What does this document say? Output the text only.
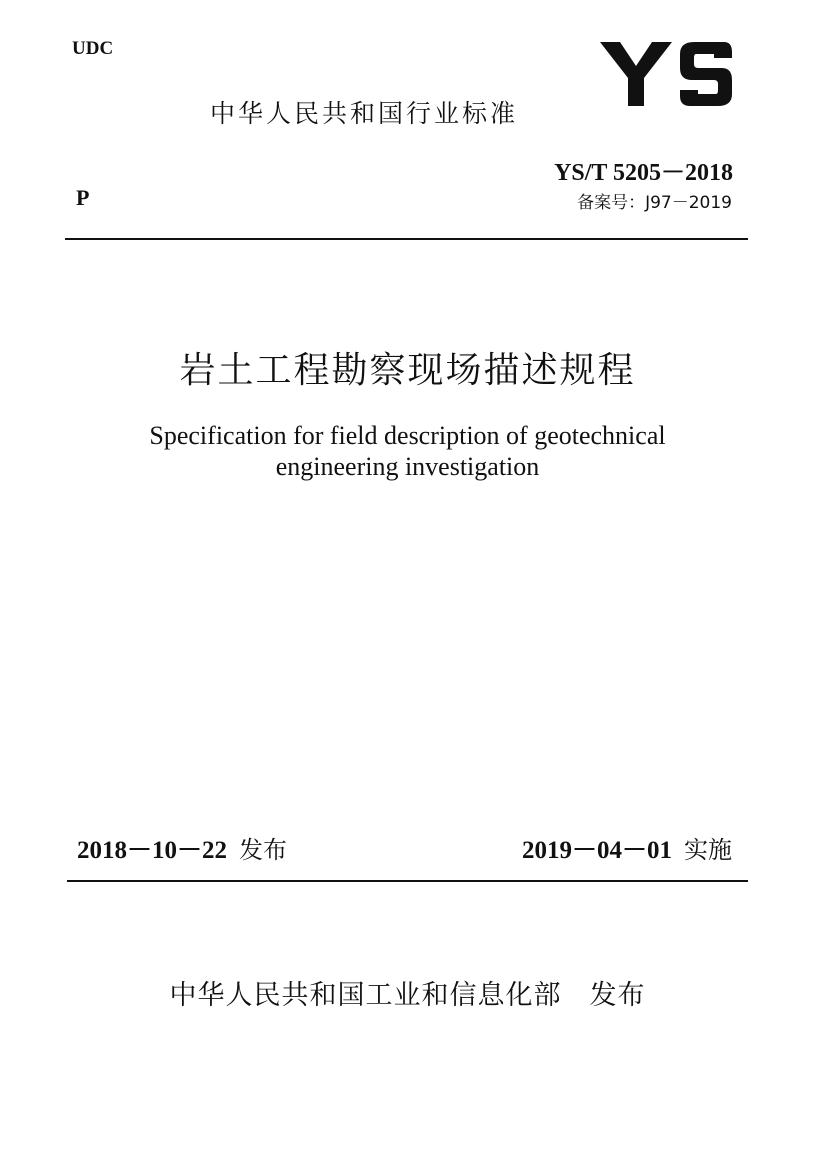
UDC
中华人民共和国行业标准
YS/T 5205－2018
P	备案号：J97－2019
岩土工程勘察现场描述规程
Specification for field description of geotechnical
engineering investigation
2018－10－22 发布	2019－04－01 实施
中华人民共和国工业和信息化部　发布
